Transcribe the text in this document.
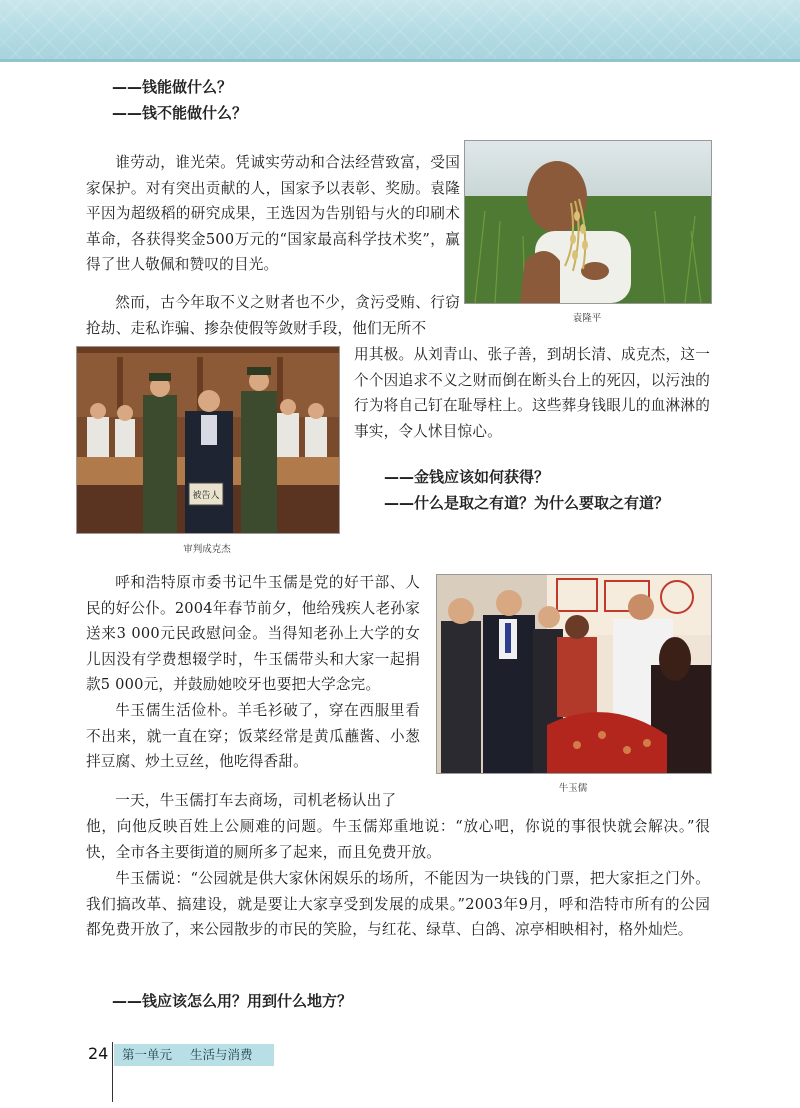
——钱能做什么？
——钱不能做什么？

谁劳动，谁光荣。凭诚实劳动和合法经营致富，受国家保护。对有突出贡献的人，国家予以表彰、奖励。袁隆平因为超级稻的研究成果，王选因为告别铅与火的印刷术革命，各获得奖金500万元的“国家最高科学技术奖”，赢得了世人敬佩和赞叹的目光。

然而，古今年取不义之财者也不少，贪污受贿、行窃抢劫、走私诈骗、掺杂使假等敛财手段，他们无所不

袁隆平
被告人
审判成克杰

用其极。从刘青山、张子善，到胡长清、成克杰，这一个个因追求不义之财而倒在断头台上的死囚，以污浊的行为将自己钉在耻辱柱上。这些葬身钱眼儿的血淋淋的事实，令人怵目惊心。

——金钱应该如何获得？
——什么是取之有道？为什么要取之有道？

呼和浩特原市委书记牛玉儒是党的好干部、人民的好公仆。2004年春节前夕，他给残疾人老孙家送来3 000元民政慰问金。当得知老孙上大学的女儿因没有学费想辍学时，牛玉儒带头和大家一起捐款5 000元，并鼓励她咬牙也要把大学念完。

牛玉儒生活俭朴。羊毛衫破了，穿在西服里看不出来，就一直在穿；饭菜经常是黄瓜蘸酱、小葱拌豆腐、炒土豆丝，他吃得香甜。

一天，牛玉儒打车去商场，司机老杨认出了

牛玉儒

他，向他反映百姓上公厕难的问题。牛玉儒郑重地说：“放心吧，你说的事很快就会解决。”很快，全市各主要街道的厕所多了起来，而且免费开放。

牛玉儒说：“公园就是供大家休闲娱乐的场所，不能因为一块钱的门票，把大家拒之门外。我们搞改革、搞建设，就是要让大家享受到发展的成果。”2003年9月，呼和浩特市所有的公园都免费开放了，来公园散步的市民的笑脸，与红花、绿草、白鸽、凉亭相映相衬，格外灿烂。

——钱应该怎么用？用到什么地方？
24	第一单元 生活与消费
